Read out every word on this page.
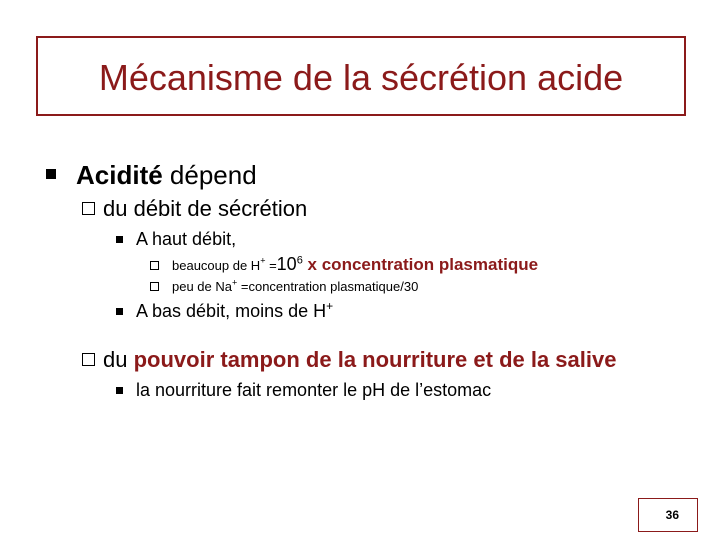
Mécanisme de la sécrétion acide
Acidité dépend
du débit de sécrétion
A haut débit,
beaucoup de $H^+ =10^6$ x concentration plasmatique
peu de Na+ =concentration plasmatique/30
A bas débit, moins de H+
du pouvoir tampon de la nourriture et de la salive
la nourriture fait remonter le pH de l’estomac
36
